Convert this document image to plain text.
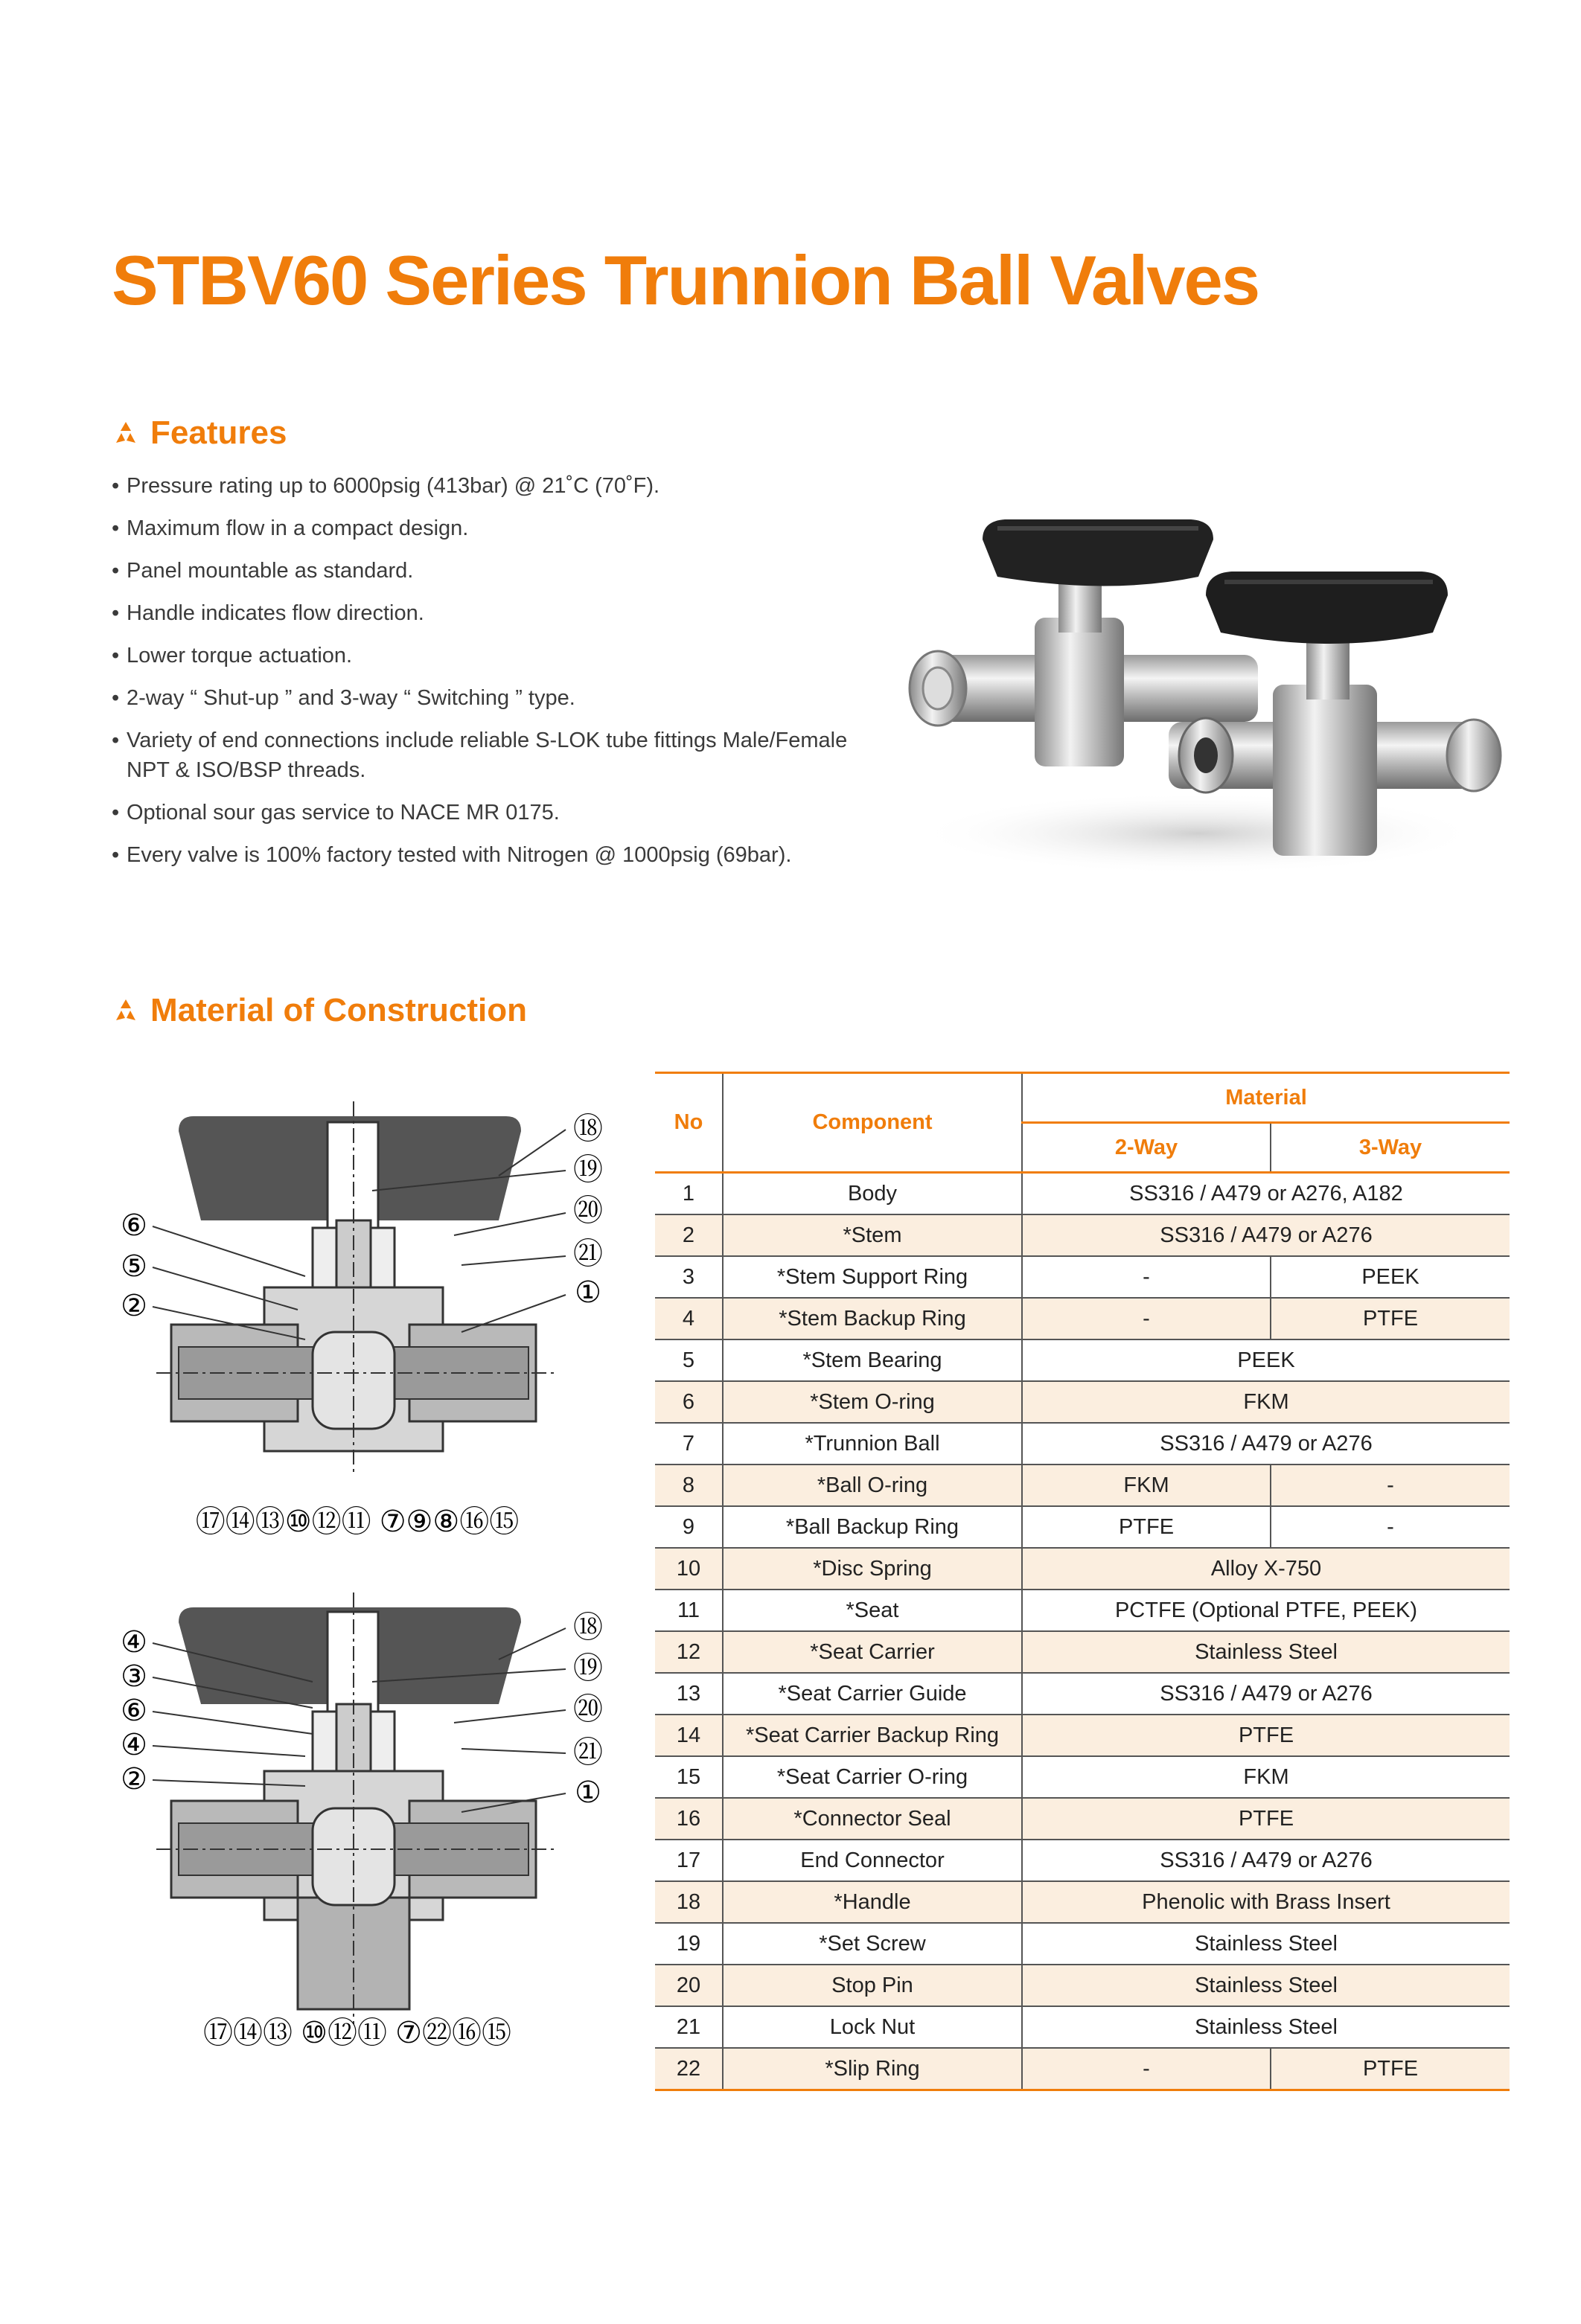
STBV60 Series Trunnion Ball Valves
Features
• Pressure rating up to 6000psig (413bar) @ 21˚C (70˚F).
• Maximum flow in a compact design.
• Panel mountable as standard.
• Handle indicates flow direction.
• Lower torque actuation.
• 2-way “ Shut-up ” and 3-way “ Switching ” type.
• Variety of end connections include reliable S-LOK tube fittings Male/Female NPT & ISO/BSP threads.
• Optional sour gas service to NACE MR 0175.
• Every valve is 100% factory tested with Nitrogen @ 1000psig (69bar).
Material of Construction
⑱
⑲
⑳
㉑
①
⑥
⑤
②
⑰⑭⑬⑩⑫⑪ ⑦⑨⑧⑯⑮
⑱
⑲
⑳
㉑
①
④
③
⑥
④
②
⑰⑭⑬ ⑩⑫⑪ ⑦㉒⑯⑮
No	Component	Material	
		2-Way	3-Way
1	Body	SS316 / A479 or A276, A182	
2	*Stem	SS316 / A479 or A276	
3	*Stem Support Ring	-	PEEK
4	*Stem Backup Ring	-	PTFE
5	*Stem Bearing	PEEK	
6	*Stem O-ring	FKM	
7	*Trunnion Ball	SS316 / A479 or A276	
8	*Ball O-ring	FKM	-
9	*Ball Backup Ring	PTFE	-
10	*Disc Spring	Alloy X-750	
11	*Seat	PCTFE (Optional PTFE, PEEK)	
12	*Seat Carrier	Stainless Steel	
13	*Seat Carrier Guide	SS316 / A479 or A276	
14	*Seat Carrier Backup Ring	PTFE	
15	*Seat Carrier O-ring	FKM	
16	*Connector Seal	PTFE	
17	End Connector	SS316 / A479 or A276	
18	*Handle	Phenolic with Brass Insert	
19	*Set Screw	Stainless Steel	
20	Stop Pin	Stainless Steel	
21	Lock Nut	Stainless Steel	
22	*Slip Ring	-	PTFE
